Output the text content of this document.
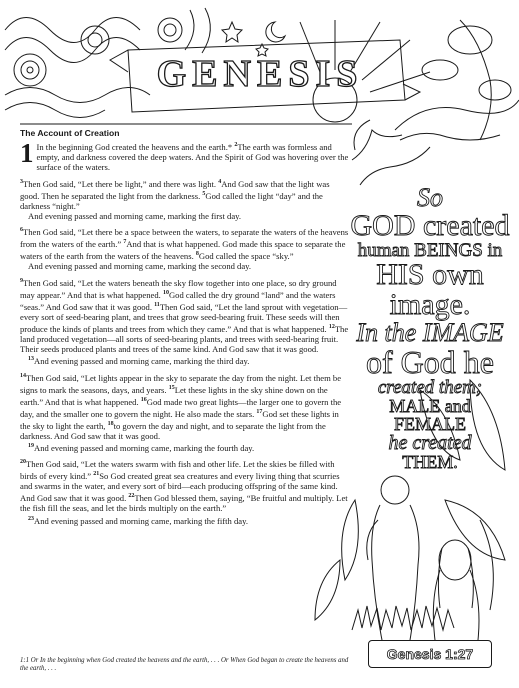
GENESIS
The Account of Creation

1 In the beginning God created the heavens and the earth.* $^2$The earth was formless and empty, and darkness covered the deep waters. And the Spirit of God was hovering over the surface of the waters.

$^3$Then God said, “Let there be light,” and there was light. $^4$And God saw that the light was good. Then he separated the light from the darkness. $^5$God called the light “day” and the darkness “night.”
And evening passed and morning came, marking the first day.

$^6$Then God said, “Let there be a space between the waters, to separate the waters of the heavens from the waters of the earth.” $^7$And that is what happened. God made this space to separate the waters of the earth from the waters of the heavens. $^8$God called the space “sky.”
And evening passed and morning came, marking the second day.

$^9$Then God said, “Let the waters beneath the sky flow together into one place, so dry ground may appear.” And that is what happened. $^{10}$God called the dry ground “land” and the waters “seas.” And God saw that it was good. $^{11}$Then God said, “Let the land sprout with vegetation—every sort of seed-bearing plant, and trees that grow seed-bearing fruit. These seeds will then produce the kinds of plants and trees from which they came.” And that is what happened. $^{12}$The land produced vegetation—all sorts of seed-bearing plants, and trees with seed-bearing fruit. Their seeds produced plants and trees of the same kind. And God saw that it was good.
$^{13}$And evening passed and morning came, marking the third day.

$^{14}$Then God said, “Let lights appear in the sky to separate the day from the night. Let them be signs to mark the seasons, days, and years. $^{15}$Let these lights in the sky shine down on the earth.” And that is what happened. $^{16}$God made two great lights—the larger one to govern the day, and the smaller one to govern the night. He also made the stars. $^{17}$God set these lights in the sky to light the earth, $^{18}$to govern the day and night, and to separate the light from the darkness. And God saw that it was good.
$^{19}$And evening passed and morning came, marking the fourth day.

$^{20}$Then God said, “Let the waters swarm with fish and other life. Let the skies be filled with birds of every kind.” $^{21}$So God created great sea creatures and every living thing that scurries and swarms in the water, and every sort of bird—each producing offspring of the same kind. And God saw that it was good. $^{22}$Then God blessed them, saying, “Be fruitful and multiply. Let the fish fill the seas, and let the birds multiply on the earth.”
$^{23}$And evening passed and morning came, marking the fifth day.

1:1 Or In the beginning when God created the heavens and the earth, . . . Or When God began to create the heavens and the earth, . . .
So
GOD created
human BEINGS in
HIS own image.
In the IMAGE
of God he
created them;
MALE and
FEMALE
he created
THEM.
Genesis 1:27
